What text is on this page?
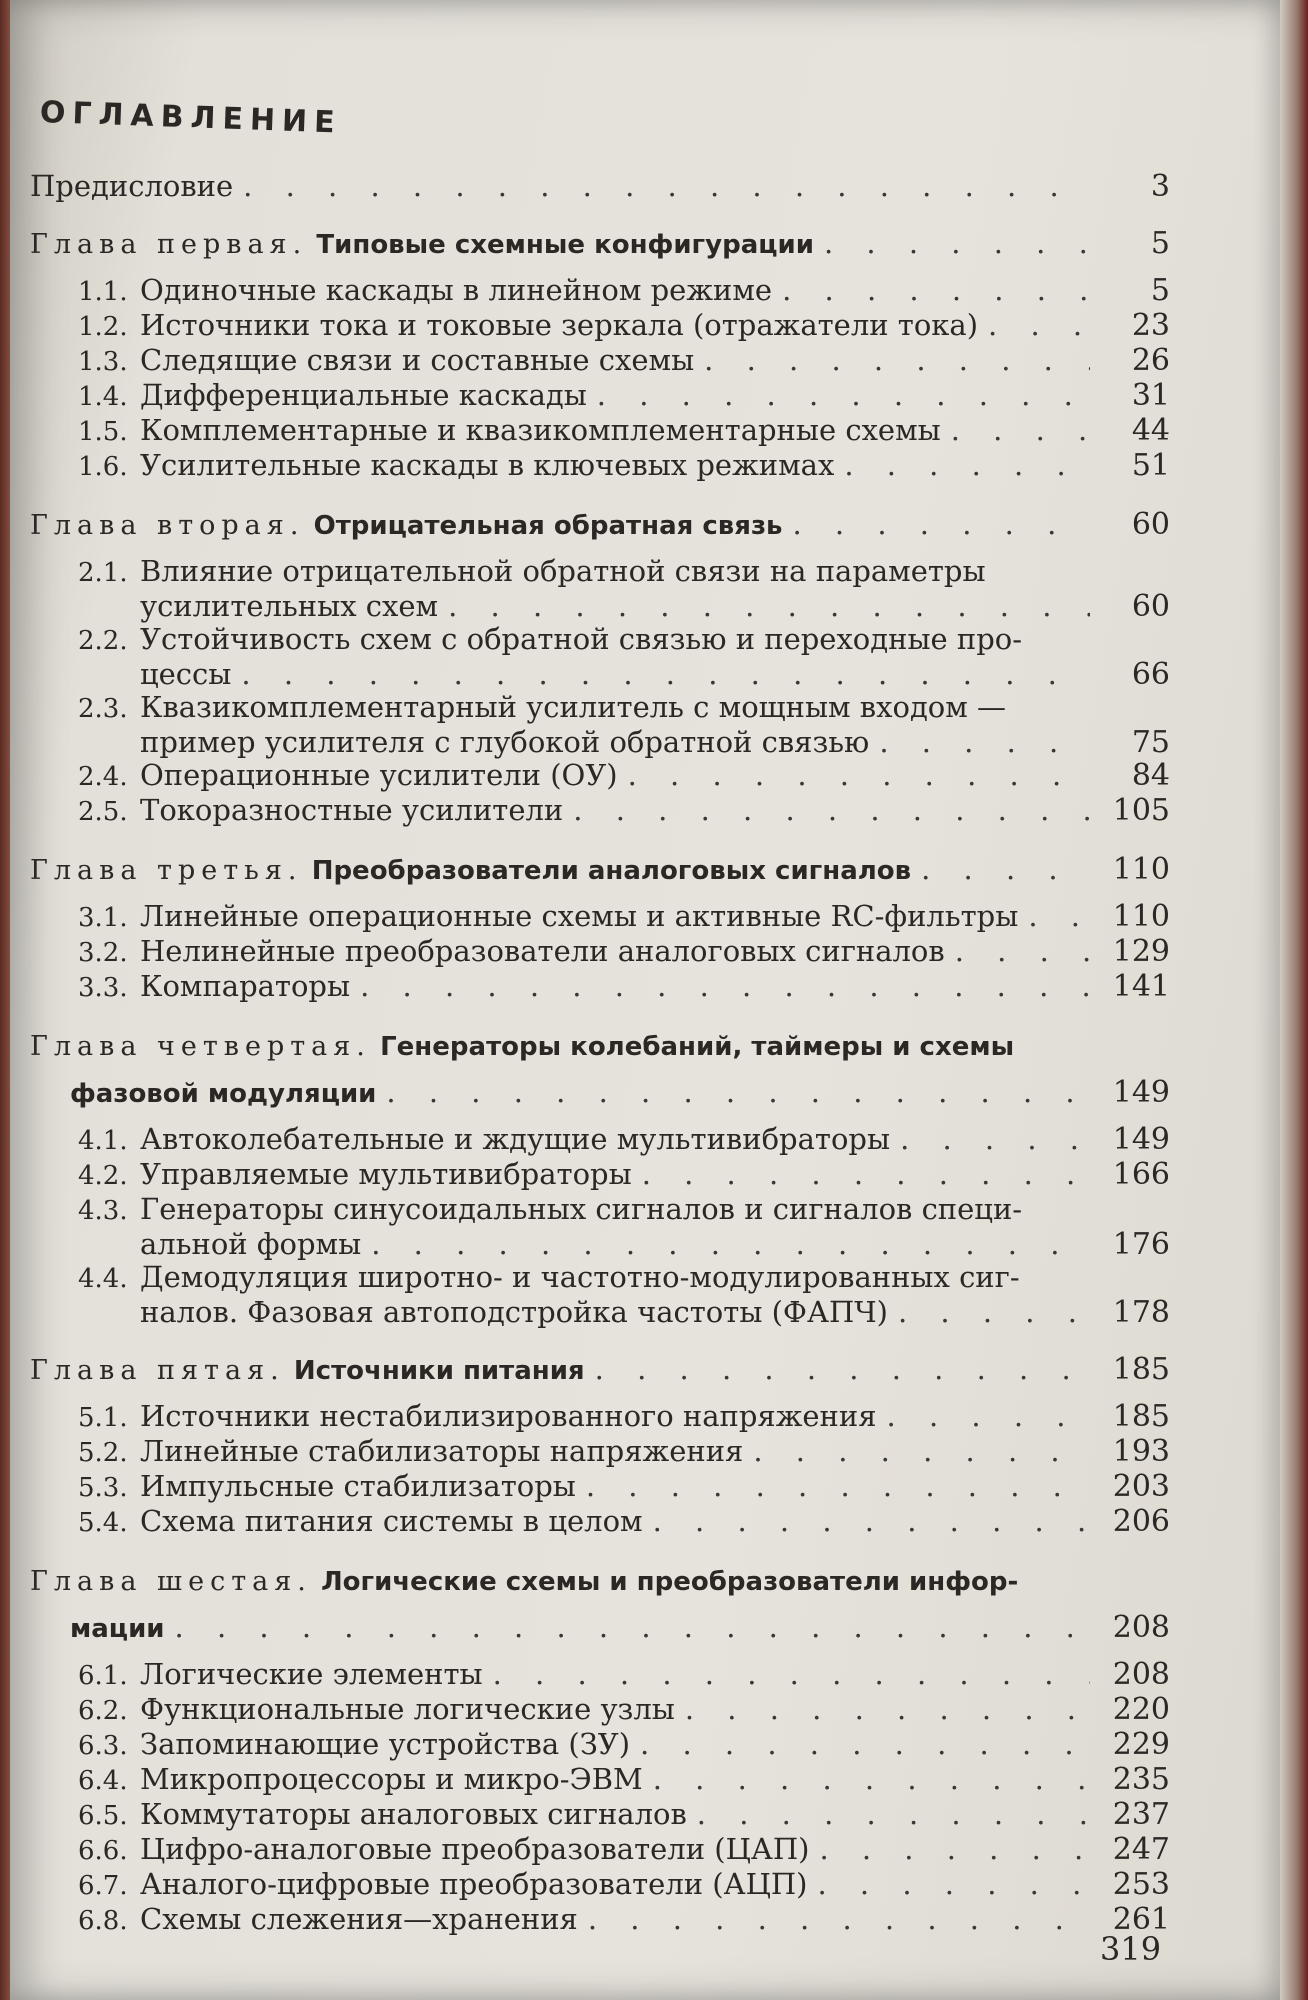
ОГЛАВЛЕНИЕ
Предисловие . . .	3
Глава первая. Типовые схемные конфигурации . . .	5
1.1. Одиночные каскады в линейном режиме . . .	5
1.2. Источники тока и токовые зеркала (отражатели тока) . . .	23
1.3. Следящие связи и составные схемы . . .	26
1.4. Дифференциальные каскады . . .	31
1.5. Комплементарные и квазикомплементарные схемы . . .	44
1.6. Усилительные каскады в ключевых режимах . . .	51
Глава вторая. Отрицательная обратная связь . . .	60
2.1. Влияние отрицательной обратной связи на параметры
усилительных схем . . .	60
2.2. Устойчивость схем с обратной связью и переходные про-
цессы . . .	66
2.3. Квазикомплементарный усилитель с мощным входом —
пример усилителя с глубокой обратной связью . . .	75
2.4. Операционные усилители (ОУ) . . .	84
2.5. Токоразностные усилители . . .	105
Глава третья. Преобразователи аналоговых сигналов . . .	110
3.1. Линейные операционные схемы и активные RC-фильтры . . .	110
3.2. Нелинейные преобразователи аналоговых сигналов . . .	129
3.3. Компараторы . . .	141
Глава четвертая. Генераторы колебаний, таймеры и схемы
фазовой модуляции . . .	149
4.1. Автоколебательные и ждущие мультивибраторы . . .	149
4.2. Управляемые мультивибраторы . . .	166
4.3. Генераторы синусоидальных сигналов и сигналов специ-
альной формы . . .	176
4.4. Демодуляция широтно- и частотно-модулированных сиг-
налов. Фазовая автоподстройка частоты (ФАПЧ) . . .	178
Глава пятая. Источники питания . . .	185
5.1. Источники нестабилизированного напряжения . . .	185
5.2. Линейные стабилизаторы напряжения . . .	193
5.3. Импульсные стабилизаторы . . .	203
5.4. Схема питания системы в целом . . .	206
Глава шестая. Логические схемы и преобразователи инфор-
мации . . .	208
6.1. Логические элементы . . .	208
6.2. Функциональные логические узлы . . .	220
6.3. Запоминающие устройства (ЗУ) . . .	229
6.4. Микропроцессоры и микро-ЭВМ . . .	235
6.5. Коммутаторы аналоговых сигналов . . .	237
6.6. Цифро-аналоговые преобразователи (ЦАП) . . .	247
6.7. Аналого-цифровые преобразователи (АЦП) . . .	253
6.8. Схемы слежения—хранения . . .	261
319
